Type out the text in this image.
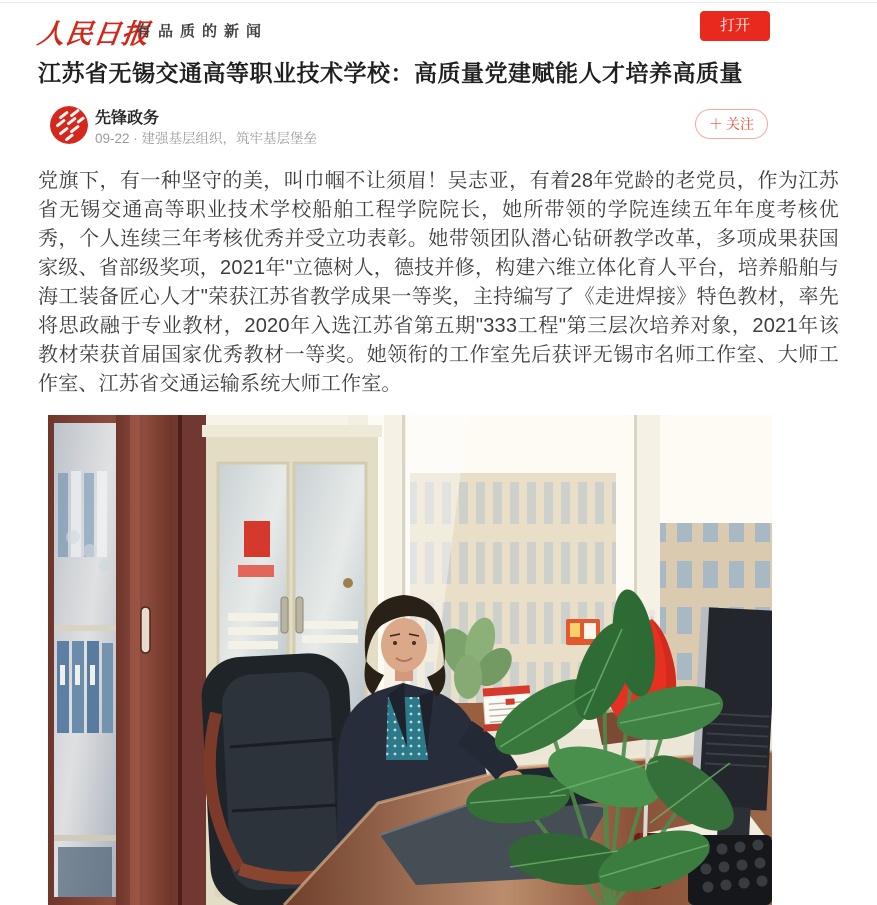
人民日报
有品质的新闻	打开
江苏省无锡交通高等职业技术学校：高质量党建赋能人才培养高质量
先锋政务
09-22 · 建强基层组织，筑牢基层堡垒
＋ 关注

党旗下，有一种坚守的美，叫巾帼不让须眉！吴志亚，有着28年党龄的老党员，作为江苏省无锡交通高等职业技术学校船舶工程学院院长，她所带领的学院连续五年年度考核优秀，个人连续三年考核优秀并受立功表彰。她带领团队潜心钻研教学改革，多项成果获国家级、省部级奖项，2021年"立德树人，德技并修，构建六维立体化育人平台，培养船舶与海工装备匠心人才"荣获江苏省教学成果一等奖，主持编写了《走进焊接》特色教材，率先将思政融于专业教材，2020年入选江苏省第五期"333工程"第三层次培养对象，2021年该教材荣获首届国家优秀教材一等奖。她领衔的工作室先后获评无锡市名师工作室、大师工作室、江苏省交通运输系统大师工作室。
